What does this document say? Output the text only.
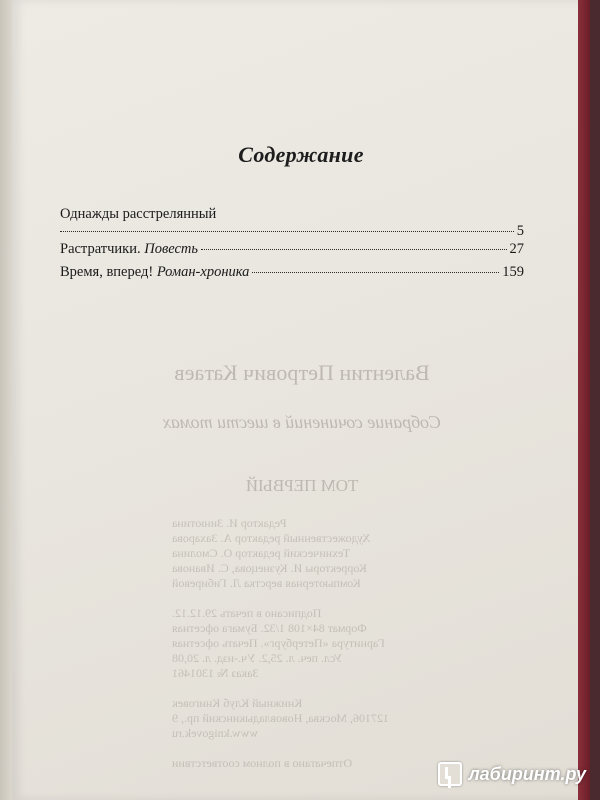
Валентин Петрович Катаев
Собрание сочинений в шести томах
ТОМ ПЕРВЫЙ
Редактор И. Зинютина
Художественный редактор А. Захарова
Технический редактор О. Смолина
Корректоры И. Кузнецова, С. Иванова
Компьютерная верстка Л. Гибиревой
Подписано в печать 29.12.12.
Формат 84×108 1/32. Бумага офсетная
Гарнитура «Петербург». Печать офсетная
Усл. печ. л. 25,2. Уч.-изд. л. 20,08
Заказ № 1301461
Книжный Клуб Книговек
127106, Москва, Нововладыкинский пр., 9
www.knigovek.ru
Отпечатано в полном соответствии
Содержание
Однажды расстрелянный
5
Растратчики. Повесть	27
Время, вперед! Роман-хроника	159
лабиринт.ру
